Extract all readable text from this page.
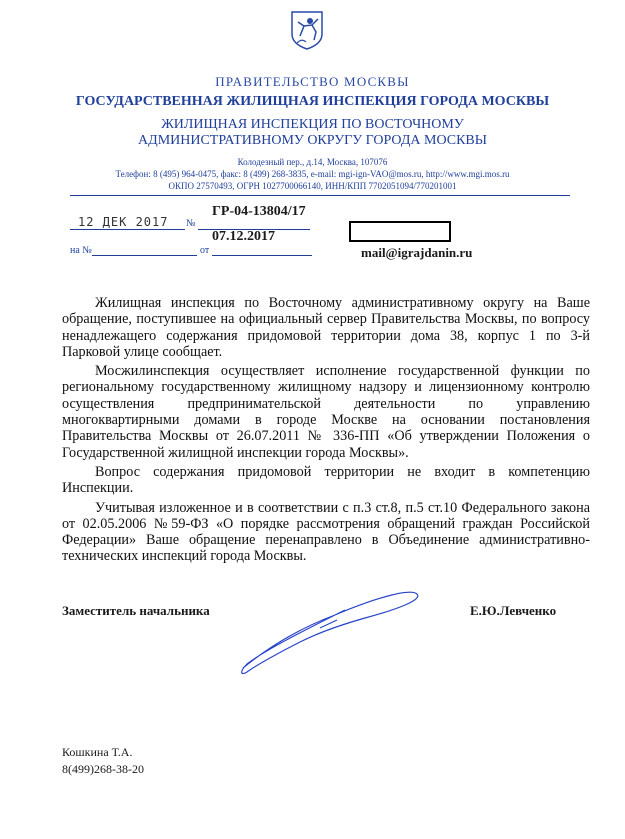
ПРАВИТЕЛЬСТВО МОСКВЫ
ГОСУДАРСТВЕННАЯ ЖИЛИЩНАЯ ИНСПЕКЦИЯ ГОРОДА МОСКВЫ
ЖИЛИЩНАЯ ИНСПЕКЦИЯ ПО ВОСТОЧНОМУ
АДМИНИСТРАТИВНОМУ ОКРУГУ ГОРОДА МОСКВЫ
Колодезный пер., д.14, Москва, 107076
Телефон: 8 (495) 964-0475, факс: 8 (499) 268-3835, e-mail: mgi-ign-VAO@mos.ru, http://www.mgi.mos.ru
ОКПО 27570493, ОГРН 1027700066140, ИНН/КПП 7702051094/770201001
12 ДЕК 2017 №
ГР-04-13804/17
07.12.2017
на №	от	mail@igrajdanin.ru

Жилищная инспекция по Восточному административному округу на Ваше обращение, поступившее на официальный сервер Правительства Москвы, по вопросу ненадлежащего содержания придомовой территории дома 38, корпус 1 по 3-й Парковой улице сообщает.

Мосжилинспекция осуществляет исполнение государственной функции по региональному государственному жилищному надзору и лицензионному контролю осуществления предпринимательской деятельности по управлению многоквартирными домами в городе Москве на основании постановления Правительства Москвы от 26.07.2011 № 336-ПП «Об утверждении Положения о Государственной жилищной инспекции города Москвы».

Вопрос содержания придомовой территории не входит в компетенцию Инспекции.

Учитывая изложенное и в соответствии с п.3 ст.8, п.5 ст.10 Федерального закона от 02.05.2006 №59-ФЗ «О порядке рассмотрения обращений граждан Российской Федерации» Ваше обращение перенаправлено в Объединение административно-технических инспекций города Москвы.

Заместитель начальника	Е.Ю.Левченко
Кошкина Т.А.
8(499)268-38-20
